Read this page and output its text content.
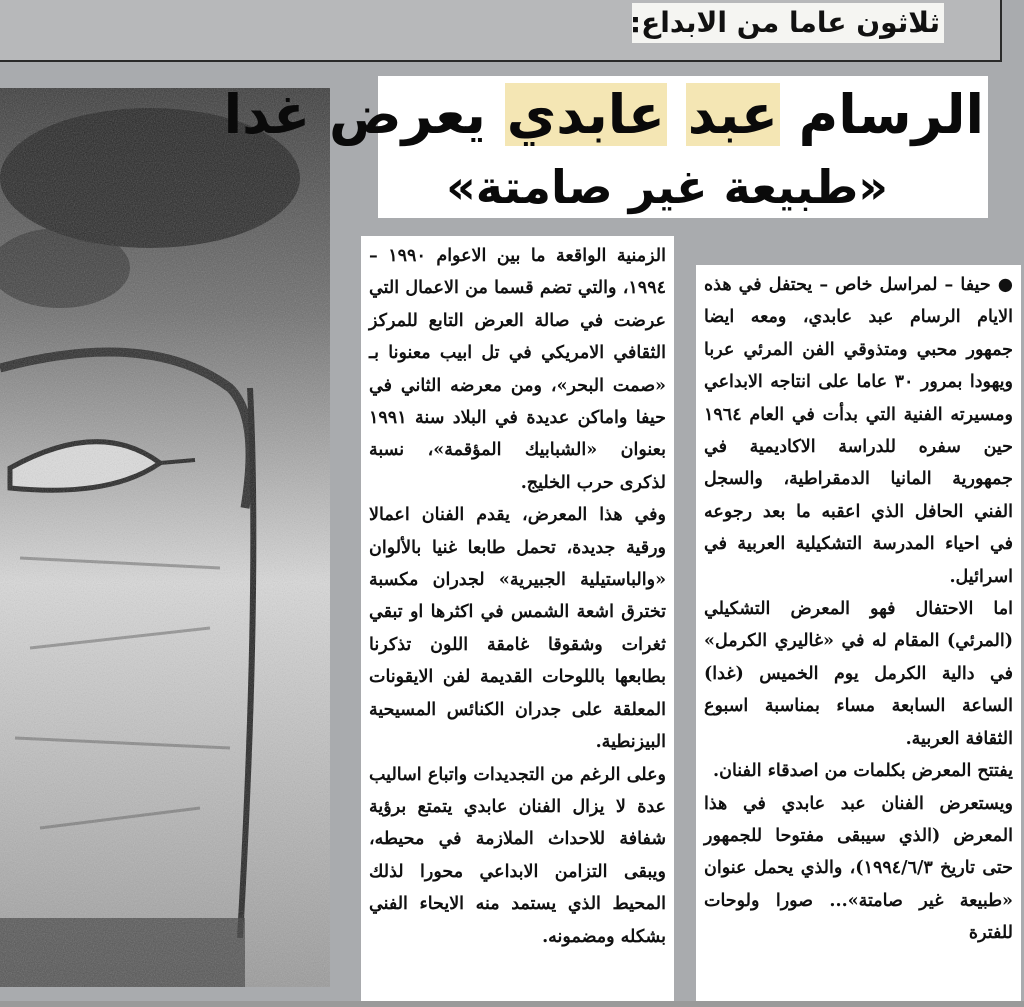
ثلاثون عاما من الابداع:
الرسام عبد عابدي يعرض غدا
«طبيعة غير صامتة»

الزمنية الواقعة ما بين الاعوام ١٩٩٠ – ١٩٩٤، والتي تضم قسما من الاعمال التي عرضت في صالة العرض التابع للمركز الثقافي الامريكي في تل ابيب معنونا بـ «صمت البحر»، ومن معرضه الثاني في حيفا واماكن عديدة في البلاد سنة ١٩٩١ بعنوان «الشبابيك المؤقمة»، نسبة لذكرى حرب الخليج.

وفي هذا المعرض، يقدم الفنان اعمالا ورقية جديدة، تحمل طابعا غنيا بالألوان «والباستيلية الجبيرية» لجدران مكسبة تخترق اشعة الشمس في اكثرها او تبقي ثغرات وشقوقا غامقة اللون تذكرنا بطابعها باللوحات القديمة لفن الايقونات المعلقة على جدران الكنائس المسيحية البيزنطية.

وعلى الرغم من التجديدات واتباع اساليب عدة لا يزال الفنان عابدي يتمتع برؤية شفافة للاحداث الملازمة في محيطه، ويبقى التزامن الابداعي محورا لذلك المحيط الذي يستمد منه الايحاء الفني بشكله ومضمونه.

● حيفا – لمراسل خاص – يحتفل في هذه الايام الرسام عبد عابدي، ومعه ايضا جمهور محبي ومتذوقي الفن المرئي عربا ويهودا بمرور ٣٠ عاما على انتاجه الابداعي ومسيرته الفنية التي بدأت في العام ١٩٦٤ حين سفره للدراسة الاكاديمية في جمهورية المانيا الدمقراطية، والسجل الفني الحافل الذي اعقبه ما بعد رجوعه في احياء المدرسة التشكيلية العربية في اسرائيل.

اما الاحتفال فهو المعرض التشكيلي (المرئي) المقام له في «غاليري الكرمل» في دالية الكرمل يوم الخميس (غدا) الساعة السابعة مساء بمناسبة اسبوع الثقافة العربية.

يفتتح المعرض بكلمات من اصدقاء الفنان.

ويستعرض الفنان عبد عابدي في هذا المعرض (الذي سيبقى مفتوحا للجمهور حتى تاريخ ١٩٩٤/٦/٣)، والذي يحمل عنوان «طبيعة غير صامتة»... صورا ولوحات للفترة
